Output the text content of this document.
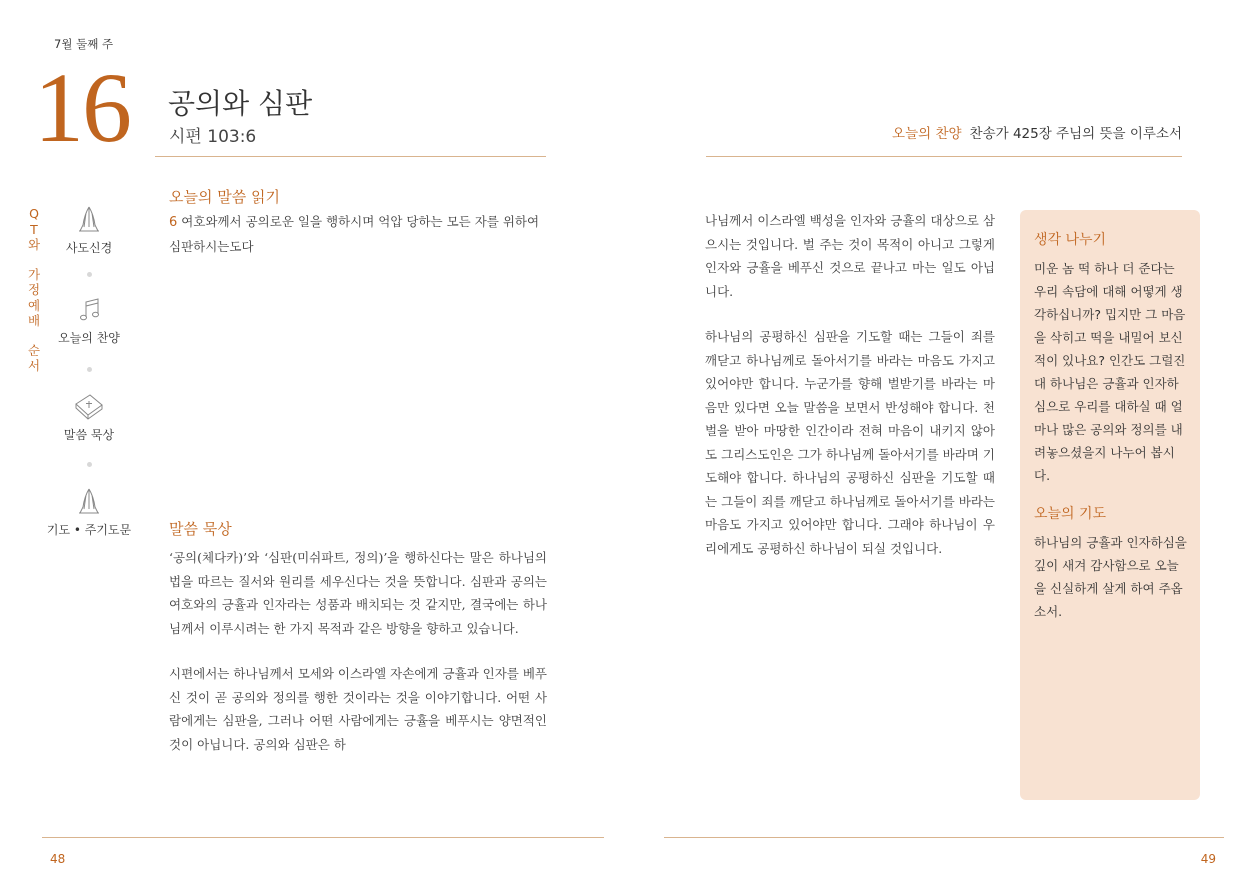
7월 둘째 주
16 공의와 심판
시편 103:6	오늘의 찬양 찬송가 425장 주님의 뜻을 이루소서
Q
T
와
가
정
예
배
순
서
사도신경
오늘의 찬양
말씀 묵상
기도 • 주기도문
오늘의 말씀 읽기
6 여호와께서 공의로운 일을 행하시며 억압 당하는 모든 자를 위하여 심판하시는도다
말씀 묵상

‘공의(체다카)’와 ‘심판(미쉬파트, 정의)’을 행하신다는 말은 하나님의 법을 따르는 질서와 원리를 세우신다는 것을 뜻합니다. 심판과 공의는 여호와의 긍휼과 인자라는 성품과 배치되는 것 같지만, 결국에는 하나님께서 이루시려는 한 가지 목적과 같은 방향을 향하고 있습니다.

시편에서는 하나님께서 모세와 이스라엘 자손에게 긍휼과 인자를 베푸신 것이 곧 공의와 정의를 행한 것이라는 것을 이야기합니다. 어떤 사람에게는 심판을, 그러나 어떤 사람에게는 긍휼을 베푸시는 양면적인 것이 아닙니다. 공의와 심판은 하

나님께서 이스라엘 백성을 인자와 긍휼의 대상으로 삼으시는 것입니다. 벌 주는 것이 목적이 아니고 그렇게 인자와 긍휼을 베푸신 것으로 끝나고 마는 일도 아닙니다.

하나님의 공평하신 심판을 기도할 때는 그들이 죄를 깨닫고 하나님께로 돌아서기를 바라는 마음도 가지고 있어야만 합니다. 누군가를 향해 벌받기를 바라는 마음만 있다면 오늘 말씀을 보면서 반성해야 합니다. 천벌을 받아 마땅한 인간이라 전혀 마음이 내키지 않아도 그리스도인은 그가 하나님께 돌아서기를 바라며 기도해야 합니다. 하나님의 공평하신 심판을 기도할 때는 그들이 죄를 깨닫고 하나님께로 돌아서기를 바라는 마음도 가지고 있어야만 합니다. 그래야 하나님이 우리에게도 공평하신 하나님이 되실 것입니다.

생각 나누기
미운 놈 떡 하나 더 준다는 우리 속담에 대해 어떻게 생각하십니까? 밉지만 그 마음을 삭히고 떡을 내밀어 보신적이 있나요? 인간도 그럴진대 하나님은 긍휼과 인자하심으로 우리를 대하실 때 얼마나 많은 공의와 정의를 내려놓으셨을지 나누어 봅시다.
오늘의 기도
하나님의 긍휼과 인자하심을 깊이 새겨 감사함으로 오늘을 신실하게 살게 하여 주옵소서.
48	49
